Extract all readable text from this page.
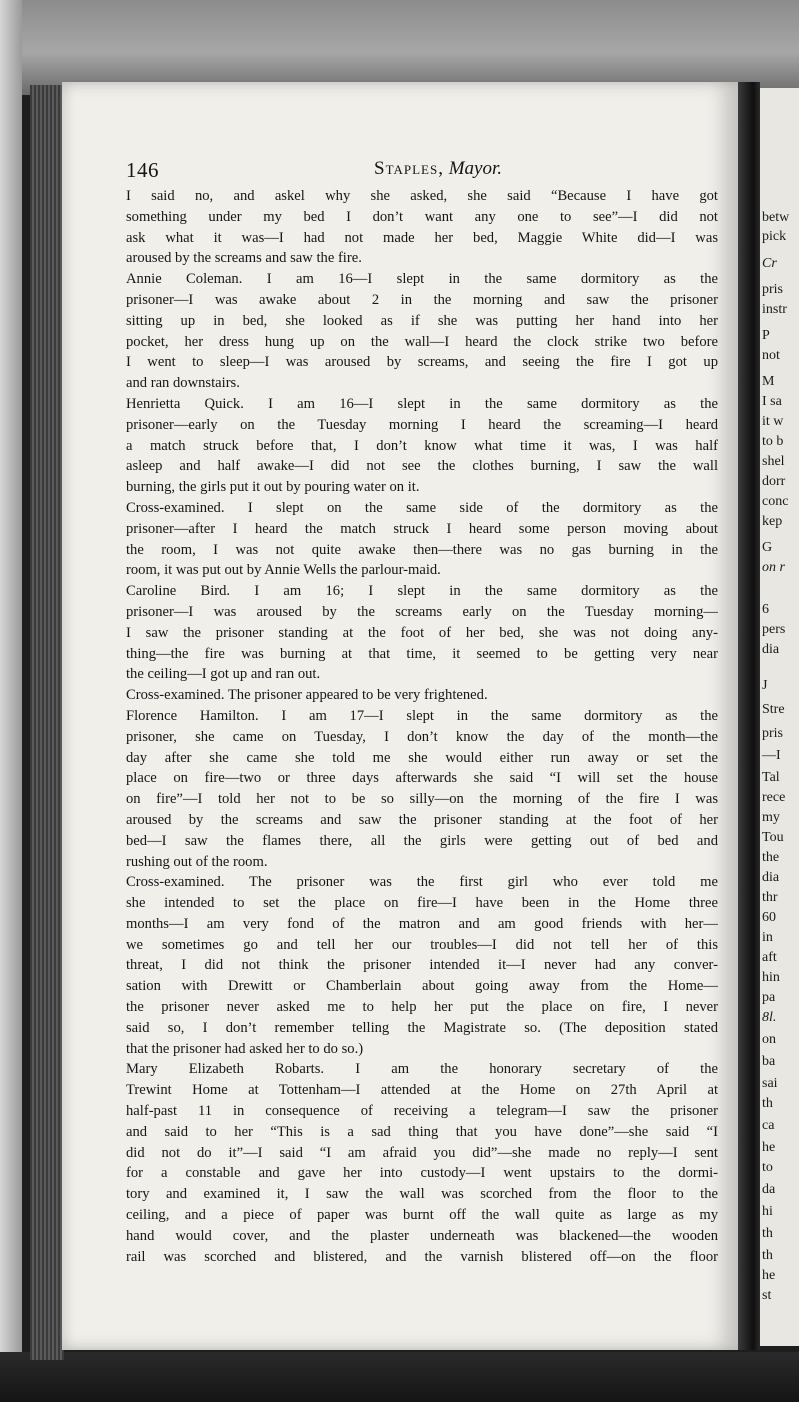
146	Staples, Mayor.
I said no, and askel why she asked, she said “Because I have got
something under my bed I don’t want any one to see”—I did not
ask what it was—I had not made her bed, Maggie White did—I was
aroused by the screams and saw the fire.
Annie Coleman. I am 16—I slept in the same dormitory as the
prisoner—I was awake about 2 in the morning and saw the prisoner
sitting up in bed, she looked as if she was putting her hand into her
pocket, her dress hung up on the wall—I heard the clock strike two before
I went to sleep—I was aroused by screams, and seeing the fire I got up
and ran downstairs.
Henrietta Quick. I am 16—I slept in the same dormitory as the
prisoner—early on the Tuesday morning I heard the screaming—I heard
a match struck before that, I don’t know what time it was, I was half
asleep and half awake—I did not see the clothes burning, I saw the wall
burning, the girls put it out by pouring water on it.
Cross-examined. I slept on the same side of the dormitory as the
prisoner—after I heard the match struck I heard some person moving about
the room, I was not quite awake then—there was no gas burning in the
room, it was put out by Annie Wells the parlour-maid.
Caroline Bird. I am 16; I slept in the same dormitory as the
prisoner—I was aroused by the screams early on the Tuesday morning—
I saw the prisoner standing at the foot of her bed, she was not doing any-
thing—the fire was burning at that time, it seemed to be getting very near
the ceiling—I got up and ran out.
Cross-examined. The prisoner appeared to be very frightened.
Florence Hamilton. I am 17—I slept in the same dormitory as the
prisoner, she came on Tuesday, I don’t know the day of the month—the
day after she came she told me she would either run away or set the
place on fire—two or three days afterwards she said “I will set the house
on fire”—I told her not to be so silly—on the morning of the fire I was
aroused by the screams and saw the prisoner standing at the foot of her
bed—I saw the flames there, all the girls were getting out of bed and
rushing out of the room.
Cross-examined. The prisoner was the first girl who ever told me
she intended to set the place on fire—I have been in the Home three
months—I am very fond of the matron and am good friends with her—
we sometimes go and tell her our troubles—I did not tell her of this
threat, I did not think the prisoner intended it—I never had any conver-
sation with Drewitt or Chamberlain about going away from the Home—
the prisoner never asked me to help her put the place on fire, I never
said so, I don’t remember telling the Magistrate so. (The deposition stated
that the prisoner had asked her to do so.)
Mary Elizabeth Robarts. I am the honorary secretary of the
Trewint Home at Tottenham—I attended at the Home on 27th April at
half-past 11 in consequence of receiving a telegram—I saw the prisoner
and said to her “This is a sad thing that you have done”—she said “I
did not do it”—I said “I am afraid you did”—she made no reply—I sent
for a constable and gave her into custody—I went upstairs to the dormi-
tory and examined it, I saw the wall was scorched from the floor to the
ceiling, and a piece of paper was burnt off the wall quite as large as my
hand would cover, and the plaster underneath was blackened—the wooden
rail was scorched and blistered, and the varnish blistered off—on the floor
betw
pick
Cr
pris
instr
P
not
M
I sa
it w
to b
shel
dorr
conc
kep
G
on r
6
pers
dia
J
Stre
pris
—I
Tal
rece
my
Tou
the
dia
thr
60
in
aft
hin
pa
8l.
on
ba
sai
th
ca
he
to
da
hi
th
th
he
st
